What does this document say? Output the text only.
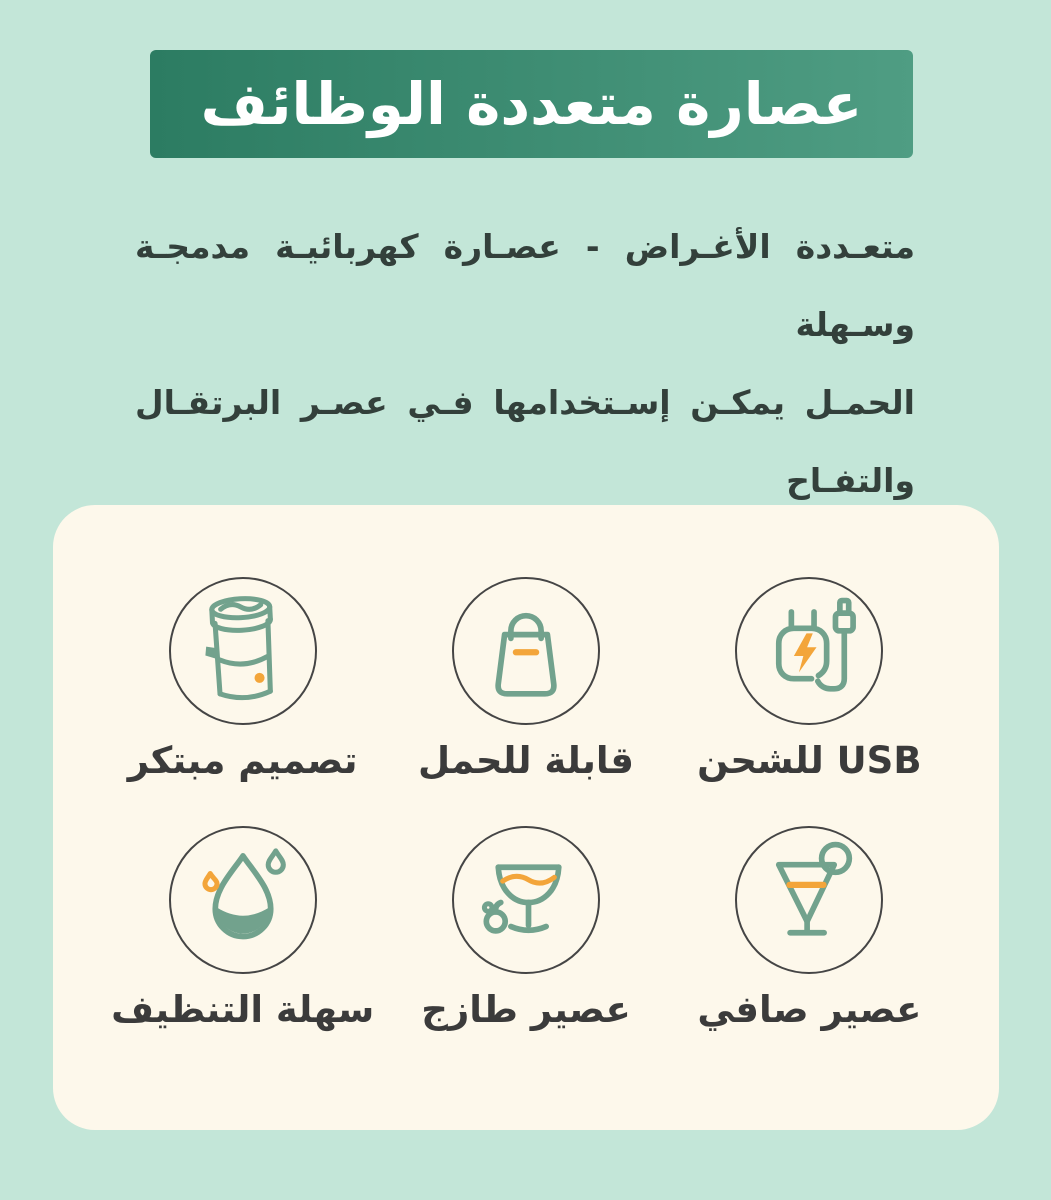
عصارة متعددة الوظائف
متعـددة الأغـراض - عصـارة كهربائيـة مدمجـة وسـهلة
الحمـل يمكـن إسـتخدامها فـي عصـر البرتقـال والتفـاح
USB للشحن
قابلة للحمل
تصميم مبتكر
عصير صافي
عصير طازج
سهلة التنظيف
